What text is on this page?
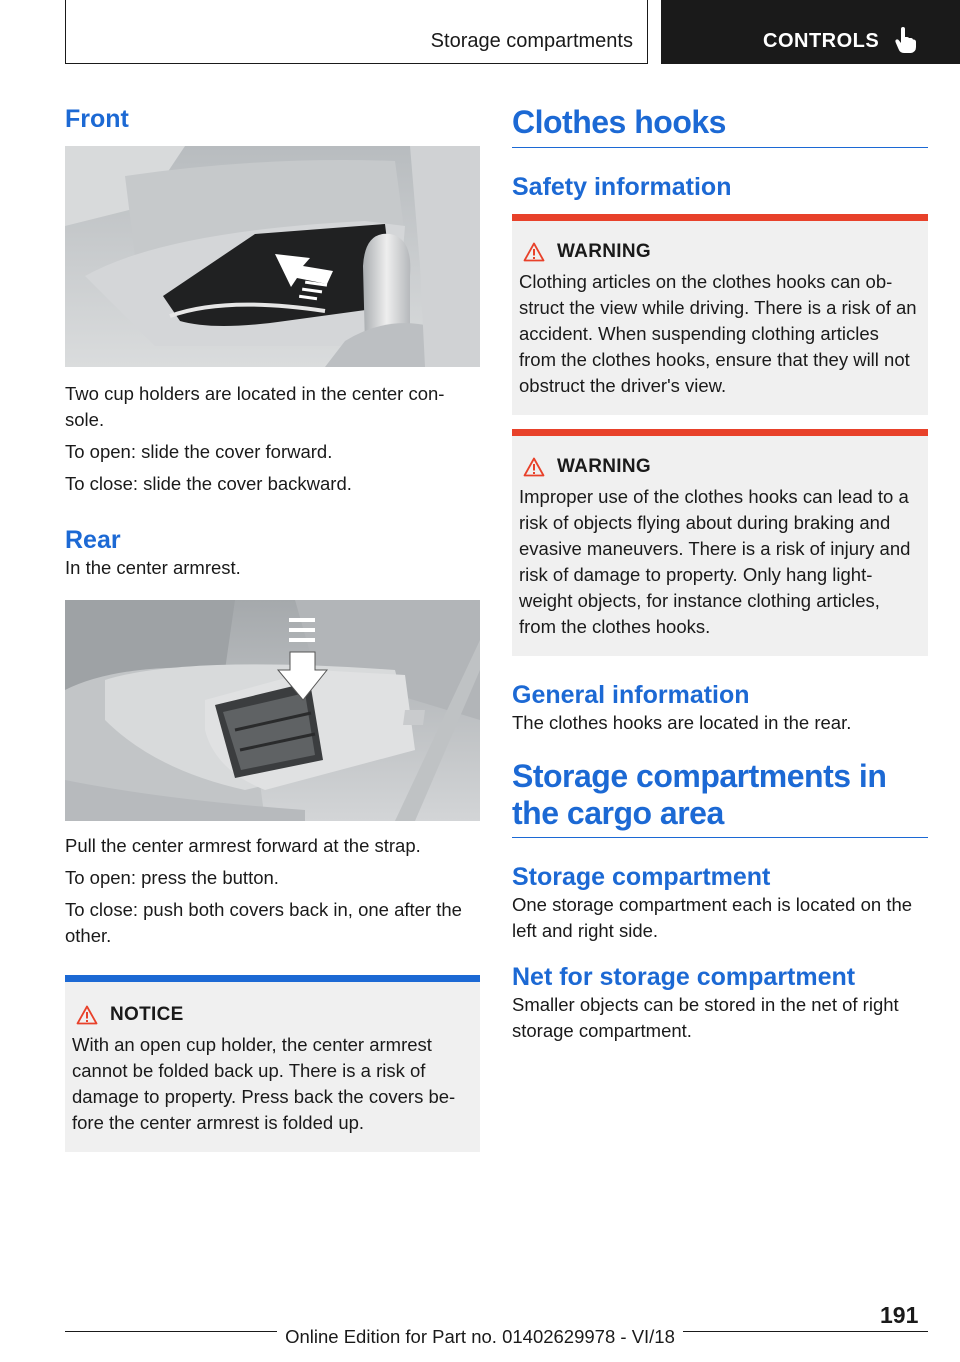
Storage compartments	CONTROLS
Front

Two cup holders are located in the center con-sole.

To open: slide the cover forward.

To close: slide the cover backward.

Rear

In the center armrest.

Pull the center armrest forward at the strap.

To open: press the button.

To close: push both covers back in, one after the other.

NOTICE

With an open cup holder, the center armrest cannot be folded back up. There is a risk of damage to property. Press back the covers be-fore the center armrest is folded up.

Clothes hooks
Safety information
WARNING

Clothing articles on the clothes hooks can ob-struct the view while driving. There is a risk of an accident. When suspending clothing articles from the clothes hooks, ensure that they will not obstruct the driver's view.

WARNING

Improper use of the clothes hooks can lead to a risk of objects flying about during braking and evasive maneuvers. There is a risk of injury and risk of damage to property. Only hang light-weight objects, for instance clothing articles, from the clothes hooks.

General information

The clothes hooks are located in the rear.

Storage compartments in the cargo area
Storage compartment

One storage compartment each is located on the left and right side.

Net for storage compartment

Smaller objects can be stored in the net of right storage compartment.

191
Online Edition for Part no. 01402629978 - VI/18
